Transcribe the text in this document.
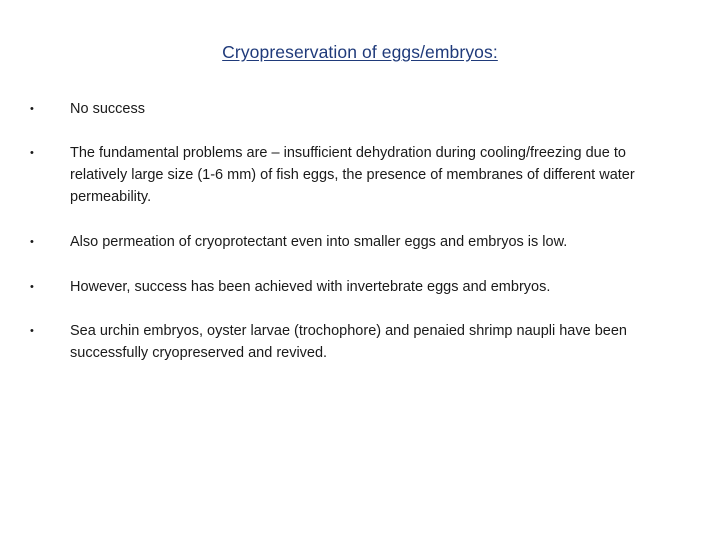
Cryopreservation of eggs/embryos:
•	No success
•	The fundamental problems are – insufficient dehydration during cooling/freezing due to relatively large size (1-6 mm) of fish eggs, the presence of membranes of different water permeability.
•	Also permeation of cryoprotectant even into smaller eggs and embryos is low.
•	However, success has been achieved with invertebrate eggs and embryos.
•	Sea urchin embryos, oyster larvae (trochophore) and penaied shrimp naupli have been successfully cryopreserved and revived.
